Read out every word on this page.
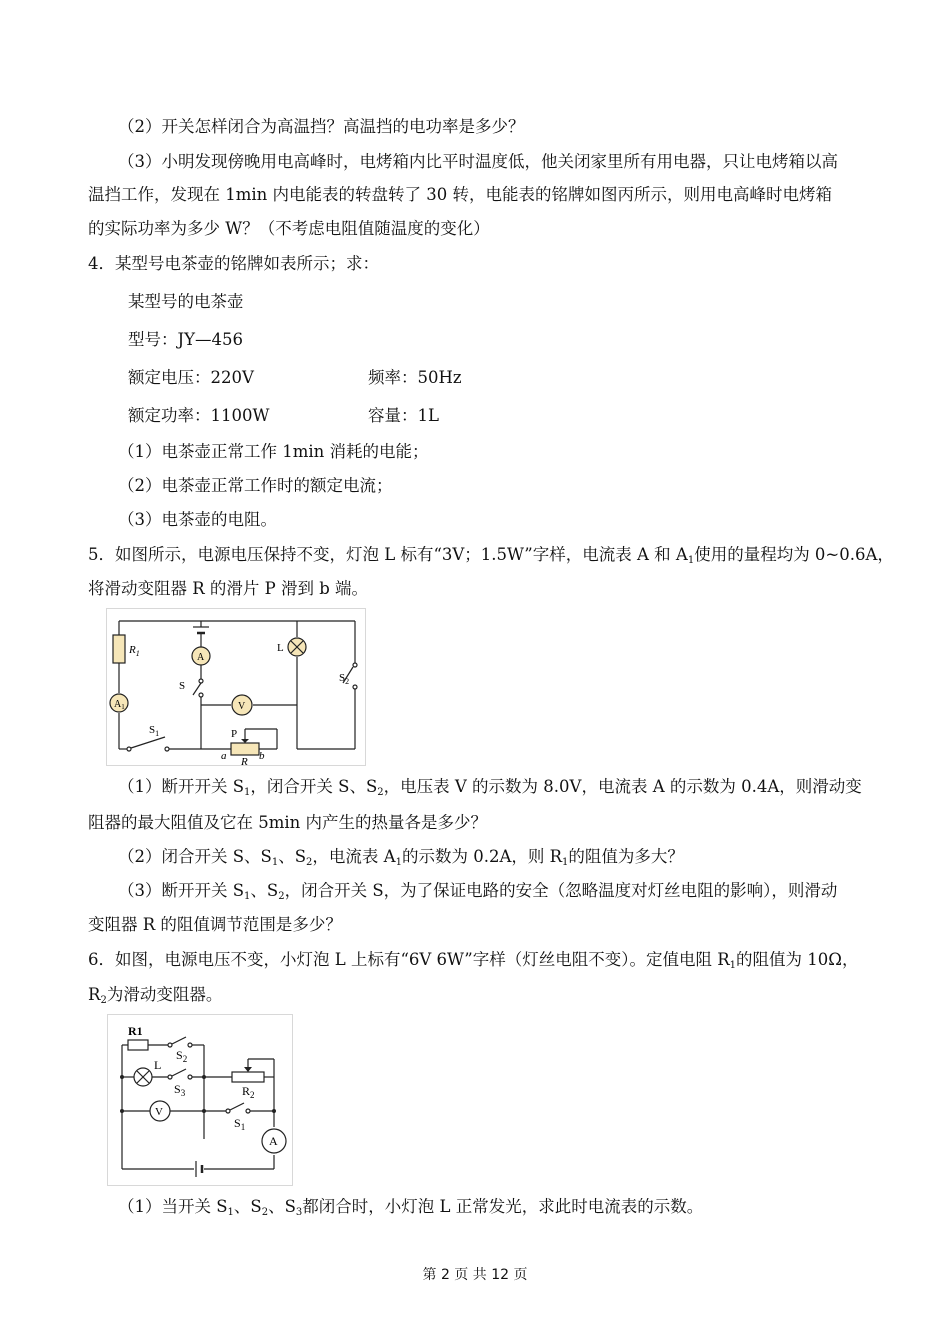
（2）开关怎样闭合为高温挡？高温挡的电功率是多少？
（3）小明发现傍晚用电高峰时，电烤箱内比平时温度低，他关闭家里所有用电器，只让电烤箱以高
温挡工作，发现在 1min 内电能表的转盘转了 30 转，电能表的铭牌如图丙所示，则用电高峰时电烤箱
的实际功率为多少 W？（不考虑电阻值随温度的变化）
4．某型号电茶壶的铭牌如表所示；求：
某型号的电茶壶
型号：JY—456
额定电压：220V	频率：50Hz
额定功率：1100W	容量：1L
（1）电茶壶正常工作 1min 消耗的电能；
（2）电茶壶正常工作时的额定电流；
（3）电茶壶的电阻。
5．如图所示，电源电压保持不变，灯泡 L 标有“3V；1.5W”字样，电流表 A 和 $A_1$使用的量程均为 0~0.6A，
将滑动变阻器 R 的滑片 P 滑到 b 端。
$R_1$
$A_1$
$S_1$
A
S
V
P
a	b
R
L
$S_2$
（1）断开开关 $S_1$，闭合开关 S、$S_2$，电压表 V 的示数为 8.0V，电流表 A 的示数为 0.4A，则滑动变
阻器的最大阻值及它在 5min 内产生的热量各是多少？
（2）闭合开关 S、$S_1$、$S_2$，电流表 $A_1$的示数为 0.2A，则 $R_1$的阻值为多大？
（3）断开开关 $S_1$、$S_2$，闭合开关 S，为了保证电路的安全（忽略温度对灯丝电阻的影响），则滑动
变阻器 R 的阻值调节范围是多少？
6．如图，电源电压不变，小灯泡 L 上标有“6V 6W”字样（灯丝电阻不变）。定值电阻 $R_1$的阻值为 10Ω，
$R_2$为滑动变阻器。
R1
$S_2$
L
$S_3$	$R_2$
V
$S_1$
A
（1）当开关 $S_1$、$S_2$、$S_3$都闭合时，小灯泡 L 正常发光，求此时电流表的示数。
第 2 页 共 12 页
